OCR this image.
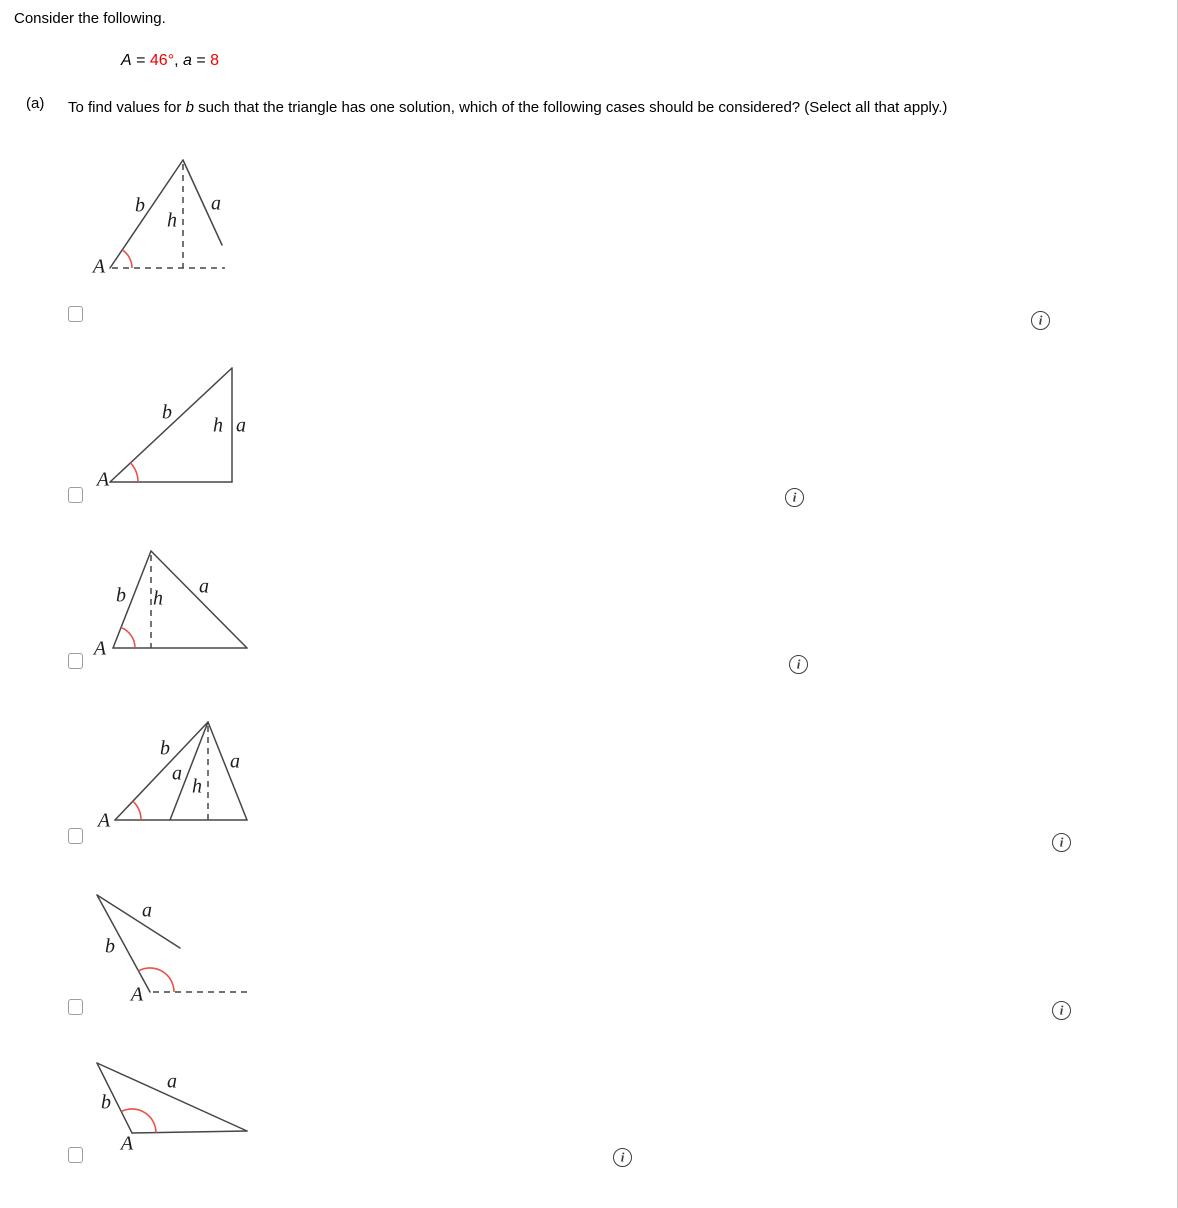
Consider the following.
A = 46°, a = 8
(a) To find values for b such that the triangle has one solution, which of the following cases should be considered? (Select all that apply.)
b
h
a
A
i
b
h a
A
i
b h
a
A
i
b
a
h
a
A
i
a
b
A
i
a
b
A
i
